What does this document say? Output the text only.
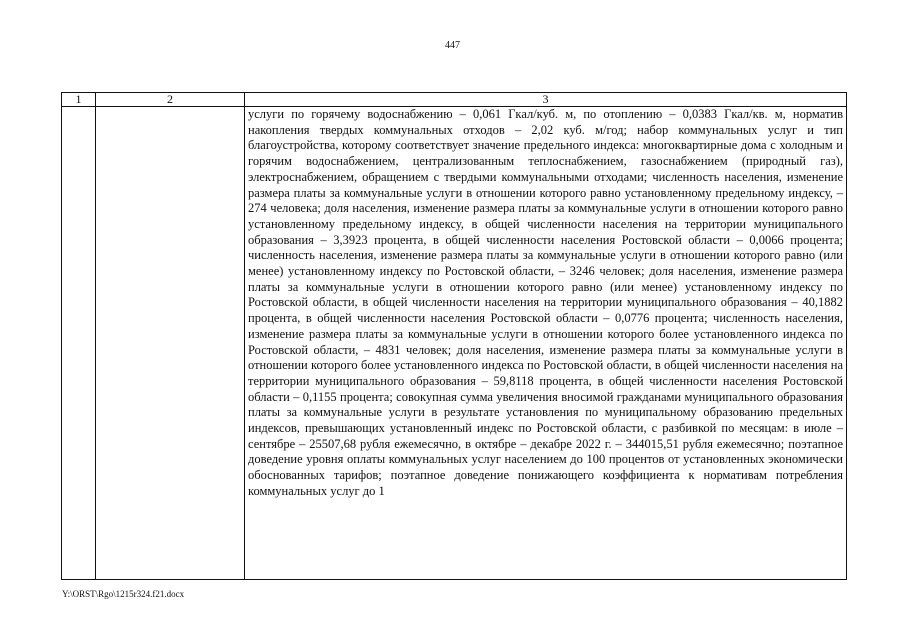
447
1	2	3

		услуги по горячему водоснабжению – 0,061 Гкал/куб. м, по отоплению – 0,0383 Гкал/кв. м, норматив накопления твердых коммунальных отходов – 2,02 куб. м/год; набор коммунальных услуг и тип благоустройства, которому соответствует значение предельного индекса: многоквартирные дома с холодным и горячим водоснабжением, централизованным теплоснабжением, газоснабжением (природный газ), электроснабжением, обращением с твердыми коммунальными отходами; численность населения, изменение размера платы за коммунальные услуги в отношении которого равно установленному предельному индексу, – 274 человека; доля населения, изменение размера платы за коммунальные услуги в отношении которого равно установленному предельному индексу, в общей численности населения на территории муниципального образования – 3,3923 процента, в общей численности населения Ростовской области – 0,0066 процента; численность населения, изменение размера платы за коммунальные услуги в отношении которого равно (или менее) установленному индексу по Ростовской области, – 3246 человек; доля населения, изменение размера платы за коммунальные услуги в отношении которого равно (или менее) установленному индексу по Ростовской области, в общей численности населения на территории муниципального образования – 40,1882 процента, в общей численности населения Ростовской области – 0,0776 процента; численность населения, изменение размера платы за коммунальные услуги в отношении которого более установленного индекса по Ростовской области, – 4831 человек; доля населения, изменение размера платы за коммунальные услуги в отношении которого более установленного индекса по Ростовской области, в общей численности населения на территории муниципального образования – 59,8118 процента, в общей численности населения Ростовской области – 0,1155 процента; совокупная сумма увеличения вносимой гражданами муниципального образования платы за коммунальные услуги в результате установления по муниципальному образованию предельных индексов, превышающих установленный индекс по Ростовской области, с разбивкой по месяцам: в июле – сентябре – 25507,68 рубля ежемесячно, в октябре – декабре 2022 г. – 344015,51 рубля ежемесячно; поэтапное доведение уровня оплаты коммунальных услуг населением до 100 процентов от установленных экономически обоснованных тарифов; поэтапное доведение понижающего коэффициента к нормативам потребления коммунальных услуг до 1
Y:\ORST\Rgo\1215r324.f21.docx
